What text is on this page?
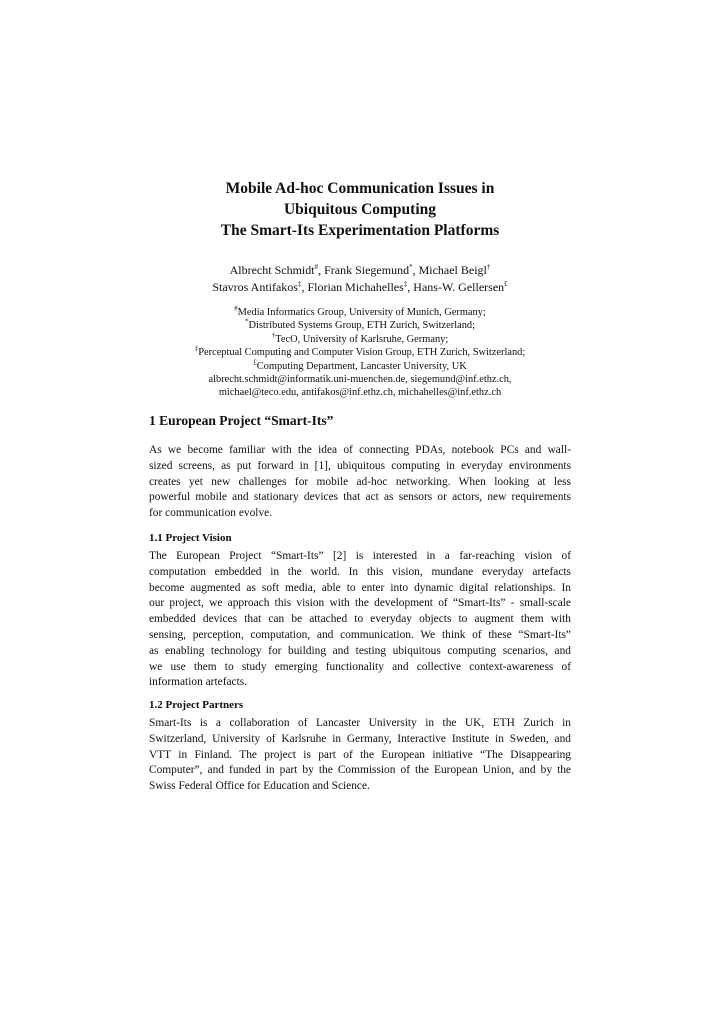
Mobile Ad-hoc Communication Issues in
Ubiquitous Computing
The Smart-Its Experimentation Platforms
Albrecht Schmidt#, Frank Siegemund*, Michael Beigl†
Stavros Antifakos‡, Florian Michahelles‡, Hans-W. Gellersen£
#Media Informatics Group, University of Munich, Germany;
*Distributed Systems Group, ETH Zurich, Switzerland;
†TecO, University of Karlsruhe, Germany;
‡Perceptual Computing and Computer Vision Group, ETH Zurich, Switzerland;
£Computing Department, Lancaster University, UK
albrecht.schmidt@informatik.uni-muenchen.de, siegemund@inf.ethz.ch,
michael@teco.edu, antifakos@inf.ethz.ch, michahelles@inf.ethz.ch
1 European Project “Smart-Its”
As we become familiar with the idea of connecting PDAs, notebook PCs and wall-
sized screens, as put forward in [1], ubiquitous computing in everyday environments
creates yet new challenges for mobile ad-hoc networking. When looking at less
powerful mobile and stationary devices that act as sensors or actors, new requirements
for communication evolve.
1.1 Project Vision
The European Project “Smart-Its” [2] is interested in a far-reaching vision of
computation embedded in the world. In this vision, mundane everyday artefacts
become augmented as soft media, able to enter into dynamic digital relationships. In
our project, we approach this vision with the development of “Smart-Its” - small-scale
embedded devices that can be attached to everyday objects to augment them with
sensing, perception, computation, and communication. We think of these “Smart-Its”
as enabling technology for building and testing ubiquitous computing scenarios, and
we use them to study emerging functionality and collective context-awareness of
information artefacts.
1.2 Project Partners
Smart-Its is a collaboration of Lancaster University in the UK, ETH Zurich in
Switzerland, University of Karlsruhe in Germany, Interactive Institute in Sweden, and
VTT in Finland. The project is part of the European initiative “The Disappearing
Computer”, and funded in part by the Commission of the European Union, and by the
Swiss Federal Office for Education and Science.
